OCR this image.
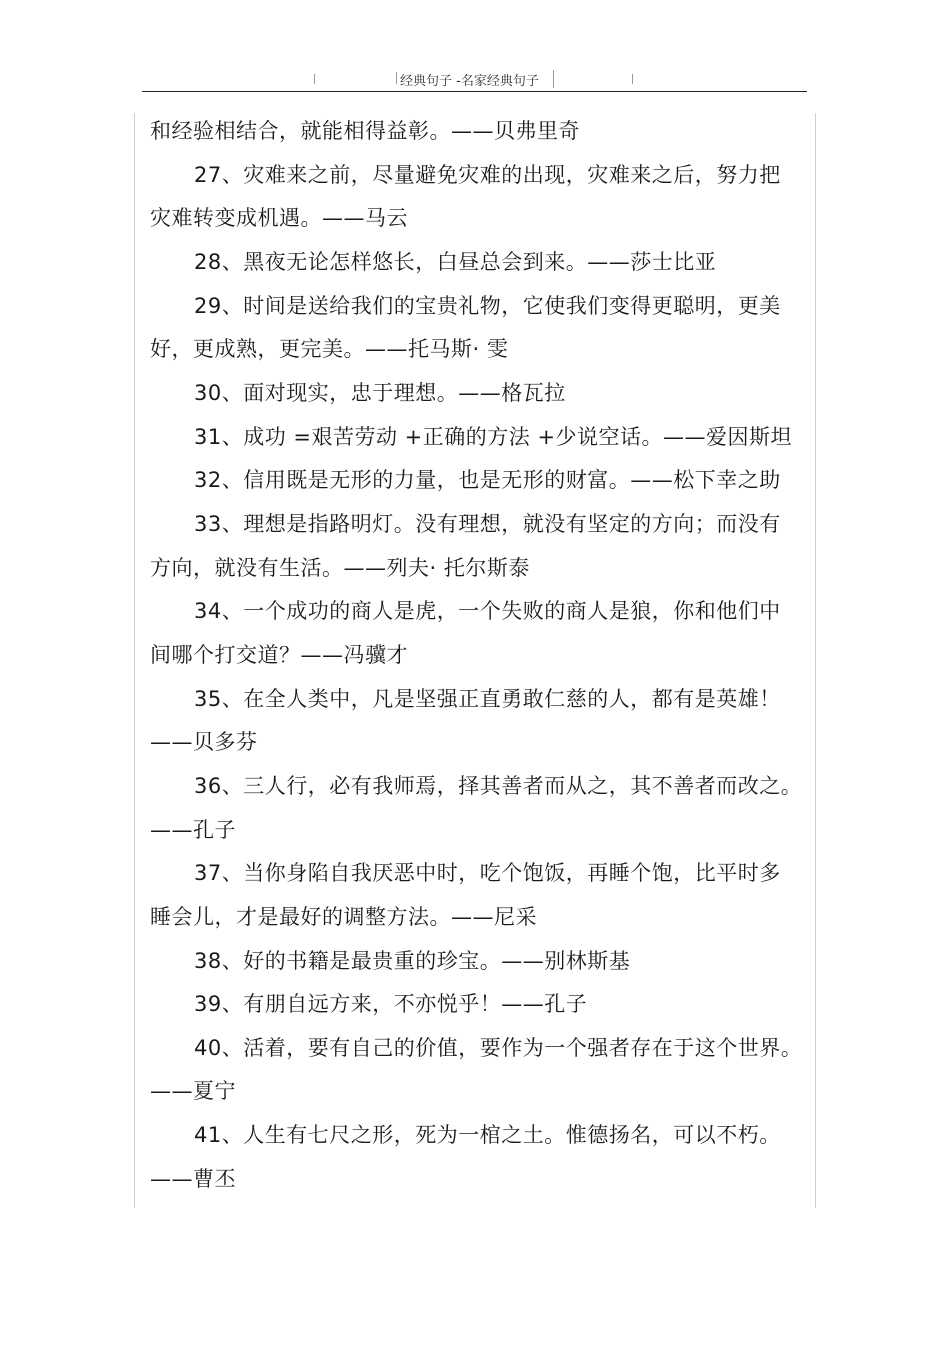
经典句子 -名家经典句子
和经验相结合，就能相得益彰。——贝弗里奇
27、灾难来之前，尽量避免灾难的出现，灾难来之后，努力把
灾难转变成机遇。——马云
28、黑夜无论怎样悠长，白昼总会到来。——莎士比亚
29、时间是送给我们的宝贵礼物，它使我们变得更聪明，更美
好，更成熟，更完美。——托马斯· 雯
30、面对现实，忠于理想。——格瓦拉
31、成功 =艰苦劳动 +正确的方法 +少说空话。——爱因斯坦
32、信用既是无形的力量，也是无形的财富。——松下幸之助
33、理想是指路明灯。没有理想，就没有坚定的方向；而没有
方向，就没有生活。——列夫· 托尔斯泰
34、一个成功的商人是虎，一个失败的商人是狼，你和他们中
间哪个打交道？——冯骥才
35、在全人类中，凡是坚强正直勇敢仁慈的人，都有是英雄！
——贝多芬
36、三人行，必有我师焉，择其善者而从之，其不善者而改之。
——孔子
37、当你身陷自我厌恶中时，吃个饱饭，再睡个饱，比平时多
睡会儿，才是最好的调整方法。——尼采
38、好的书籍是最贵重的珍宝。——别林斯基
39、有朋自远方来，不亦悦乎！——孔子
40、活着，要有自己的价值，要作为一个强者存在于这个世界。
——夏宁
41、人生有七尺之形，死为一棺之土。惟德扬名，可以不朽。
——曹丕
